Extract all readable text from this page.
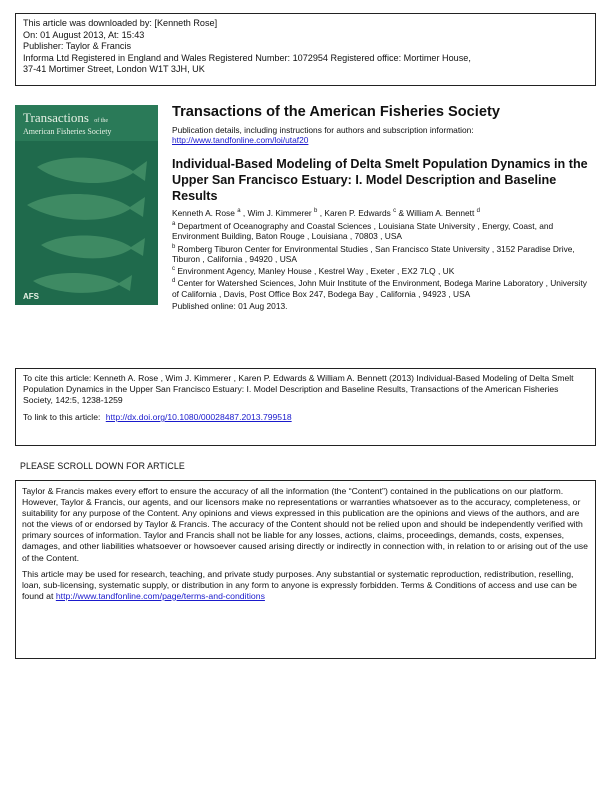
This article was downloaded by: [Kenneth Rose]
On: 01 August 2013, At: 15:43
Publisher: Taylor & Francis
Informa Ltd Registered in England and Wales Registered Number: 1072954 Registered office: Mortimer House,
37-41 Mortimer Street, London W1T 3JH, UK
Transactions of the
American Fisheries Society
AFS

Transactions of the American Fisheries Society

Publication details, including instructions for authors and subscription information:

http://www.tandfonline.com/loi/utaf20

Individual-Based Modeling of Delta Smelt Population Dynamics in the Upper San Francisco Estuary: I. Model Description and Baseline Results

Kenneth A. Rose $^a$ , Wim J. Kimmerer $^b$ , Karen P. Edwards $^c$ & William A. Bennett $^d$

$^a$ Department of Oceanography and Coastal Sciences , Louisiana State University , Energy, Coast, and Environment Building, Baton Rouge , Louisiana , 70803 , USA

$^b$ Romberg Tiburon Center for Environmental Studies , San Francisco State University , 3152 Paradise Drive, Tiburon , California , 94920 , USA

$^c$ Environment Agency, Manley House , Kestrel Way , Exeter , EX2 7LQ , UK

$^d$ Center for Watershed Sciences, John Muir Institute of the Environment, Bodega Marine Laboratory , University of California , Davis, Post Office Box 247, Bodega Bay , California , 94923 , USA

Published online: 01 Aug 2013.

To cite this article: Kenneth A. Rose , Wim J. Kimmerer , Karen P. Edwards & William A. Bennett (2013) Individual-Based Modeling of Delta Smelt Population Dynamics in the Upper San Francisco Estuary: I. Model Description and Baseline Results, Transactions of the American Fisheries Society, 142:5, 1238-1259

To link to this article: http://dx.doi.org/10.1080/00028487.2013.799518

PLEASE SCROLL DOWN FOR ARTICLE

Taylor & Francis makes every effort to ensure the accuracy of all the information (the “Content”) contained in the publications on our platform. However, Taylor & Francis, our agents, and our licensors make no representations or warranties whatsoever as to the accuracy, completeness, or suitability for any purpose of the Content. Any opinions and views expressed in this publication are the opinions and views of the authors, and are not the views of or endorsed by Taylor & Francis. The accuracy of the Content should not be relied upon and should be independently verified with primary sources of information. Taylor and Francis shall not be liable for any losses, actions, claims, proceedings, demands, costs, expenses, damages, and other liabilities whatsoever or howsoever caused arising directly or indirectly in connection with, in relation to or arising out of the use of the Content.

This article may be used for research, teaching, and private study purposes. Any substantial or systematic reproduction, redistribution, reselling, loan, sub-licensing, systematic supply, or distribution in any form to anyone is expressly forbidden. Terms & Conditions of access and use can be found at http://www.tandfonline.com/page/terms-and-conditions
